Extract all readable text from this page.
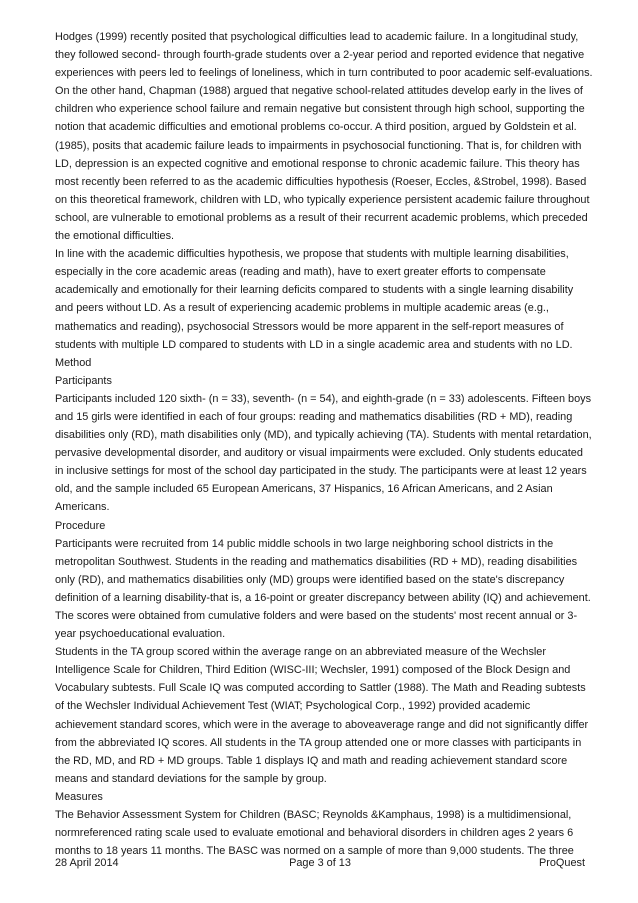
Hodges (1999) recently posited that psychological difficulties lead to academic failure. In a longitudinal study, they followed second- through fourth-grade students over a 2-year period and reported evidence that negative experiences with peers led to feelings of loneliness, which in turn contributed to poor academic self-evaluations. On the other hand, Chapman (1988) argued that negative school-related attitudes develop early in the lives of children who experience school failure and remain negative but consistent through high school, supporting the notion that academic difficulties and emotional problems co-occur. A third position, argued by Goldstein et al. (1985), posits that academic failure leads to impairments in psychosocial functioning. That is, for children with LD, depression is an expected cognitive and emotional response to chronic academic failure. This theory has most recently been referred to as the academic difficulties hypothesis (Roeser, Eccles, &Strobel, 1998). Based on this theoretical framework, children with LD, who typically experience persistent academic failure throughout school, are vulnerable to emotional problems as a result of their recurrent academic problems, which preceded the emotional difficulties.

In line with the academic difficulties hypothesis, we propose that students with multiple learning disabilities, especially in the core academic areas (reading and math), have to exert greater efforts to compensate academically and emotionally for their learning deficits compared to students with a single learning disability and peers without LD. As a result of experiencing academic problems in multiple academic areas (e.g., mathematics and reading), psychosocial Stressors would be more apparent in the self-report measures of students with multiple LD compared to students with LD in a single academic area and students with no LD.

Method

Participants

Participants included 120 sixth- (n = 33), seventh- (n = 54), and eighth-grade (n = 33) adolescents. Fifteen boys and 15 girls were identified in each of four groups: reading and mathematics disabilities (RD + MD), reading disabilities only (RD), math disabilities only (MD), and typically achieving (TA). Students with mental retardation, pervasive developmental disorder, and auditory or visual impairments were excluded. Only students educated in inclusive settings for most of the school day participated in the study. The participants were at least 12 years old, and the sample included 65 European Americans, 37 Hispanics, 16 African Americans, and 2 Asian Americans.

Procedure

Participants were recruited from 14 public middle schools in two large neighboring school districts in the metropolitan Southwest. Students in the reading and mathematics disabilities (RD + MD), reading disabilities only (RD), and mathematics disabilities only (MD) groups were identified based on the state's discrepancy definition of a learning disability-that is, a 16-point or greater discrepancy between ability (IQ) and achievement. The scores were obtained from cumulative folders and were based on the students' most recent annual or 3-year psychoeducational evaluation.

Students in the TA group scored within the average range on an abbreviated measure of the Wechsler Intelligence Scale for Children, Third Edition (WISC-III; Wechsler, 1991) composed of the Block Design and Vocabulary subtests. Full Scale IQ was computed according to Sattler (1988). The Math and Reading subtests of the Wechsler Individual Achievement Test (WIAT; Psychological Corp., 1992) provided academic achievement standard scores, which were in the average to aboveaverage range and did not significantly differ from the abbreviated IQ scores. All students in the TA group attended one or more classes with participants in the RD, MD, and RD + MD groups. Table 1 displays IQ and math and reading achievement standard score means and standard deviations for the sample by group.

Measures

The Behavior Assessment System for Children (BASC; Reynolds &Kamphaus, 1998) is a multidimensional, normreferenced rating scale used to evaluate emotional and behavioral disorders in children ages 2 years 6 months to 18 years 11 months. The BASC was normed on a sample of more than 9,000 students. The three

28 April 2014	Page 3 of 13	ProQuest
